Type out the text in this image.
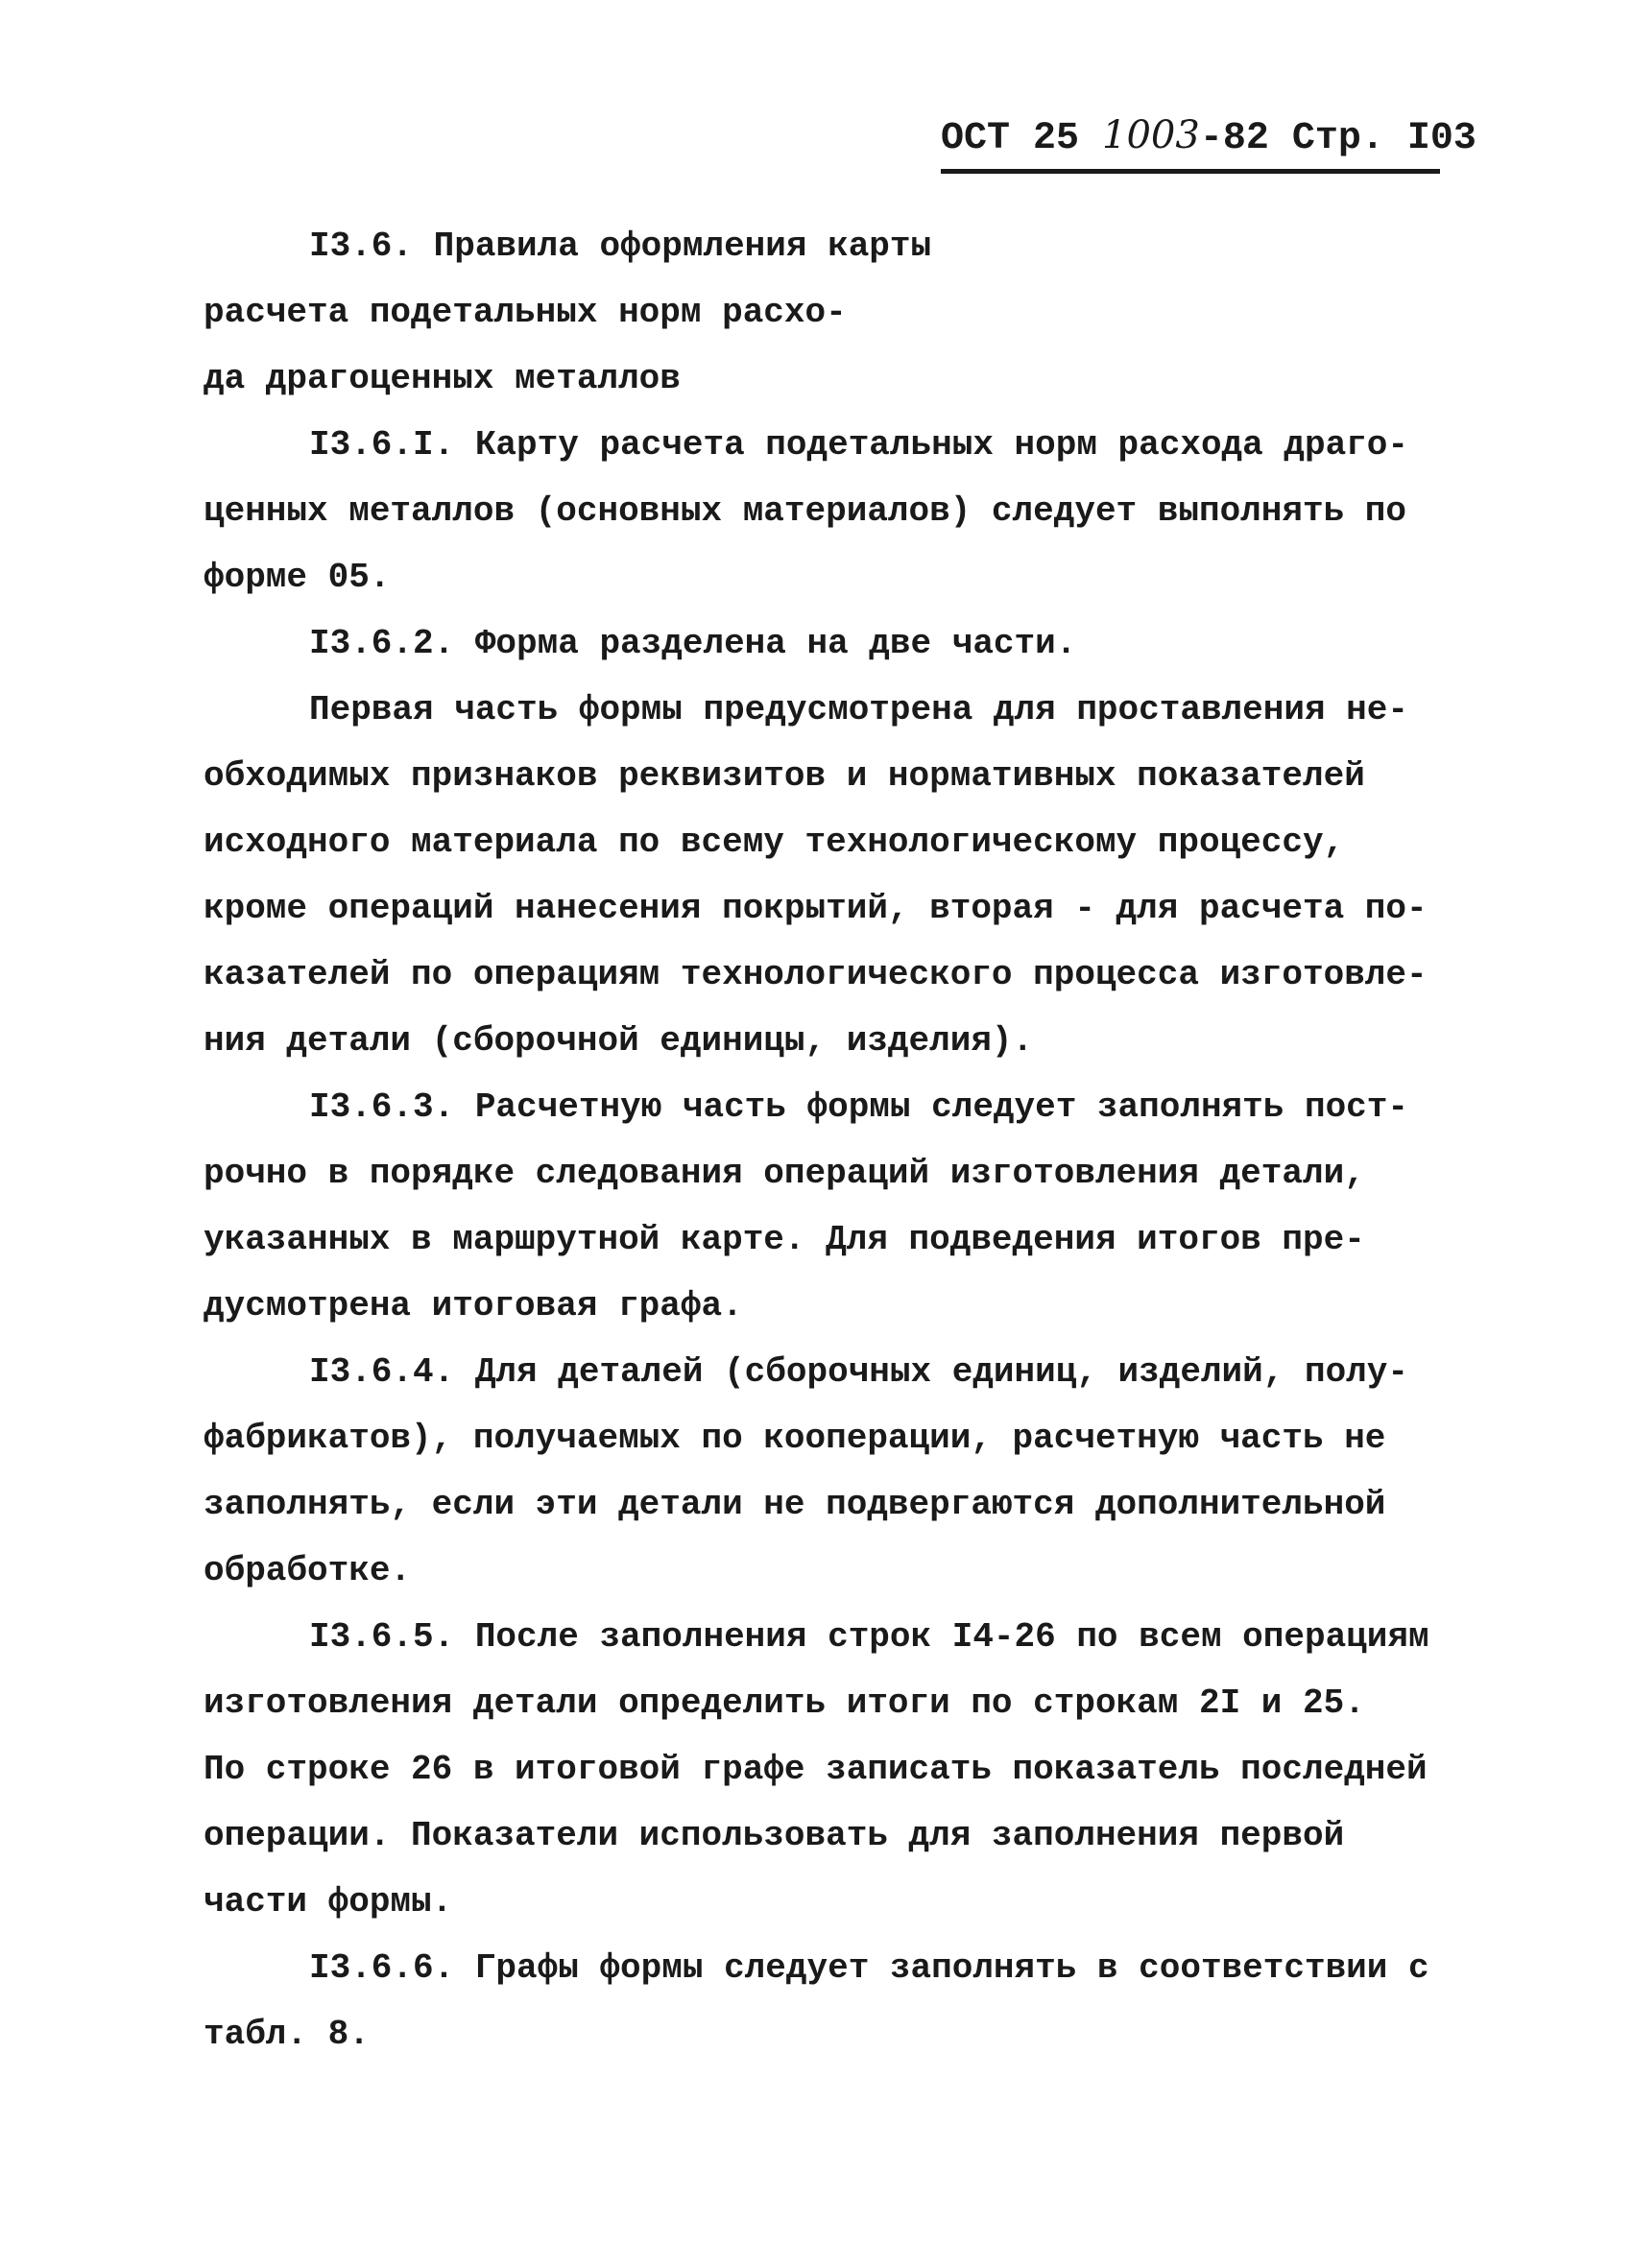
ОСТ 25 1003-82 Стр. I03
I3.6. Правила оформления карты
расчета подетальных норм расхо-
да драгоценных металлов
I3.6.I. Карту расчета подетальных норм расхода драго-
ценных металлов (основных материалов) следует выполнять по
форме 05.
I3.6.2. Форма разделена на две части.
Первая часть формы предусмотрена для проставления не-
обходимых признаков реквизитов и нормативных показателей
исходного материала по всему технологическому процессу,
кроме операций нанесения покрытий, вторая - для расчета по-
казателей по операциям технологического процесса изготовле-
ния детали (сборочной единицы, изделия).
I3.6.3. Расчетную часть формы следует заполнять пост-
рочно в порядке следования операций изготовления детали,
указанных в маршрутной карте. Для подведения итогов пре-
дусмотрена итоговая графа.
I3.6.4. Для деталей (сборочных единиц, изделий, полу-
фабрикатов), получаемых по кооперации, расчетную часть не
заполнять, если эти детали не подвергаются дополнительной
обработке.
I3.6.5. После заполнения строк I4-26 по всем операциям
изготовления детали определить итоги по строкам 2I и 25.
По строке 26 в итоговой графе записать показатель последней
операции. Показатели использовать для заполнения первой
части формы.
I3.6.6. Графы формы следует заполнять в соответствии с
табл. 8.
